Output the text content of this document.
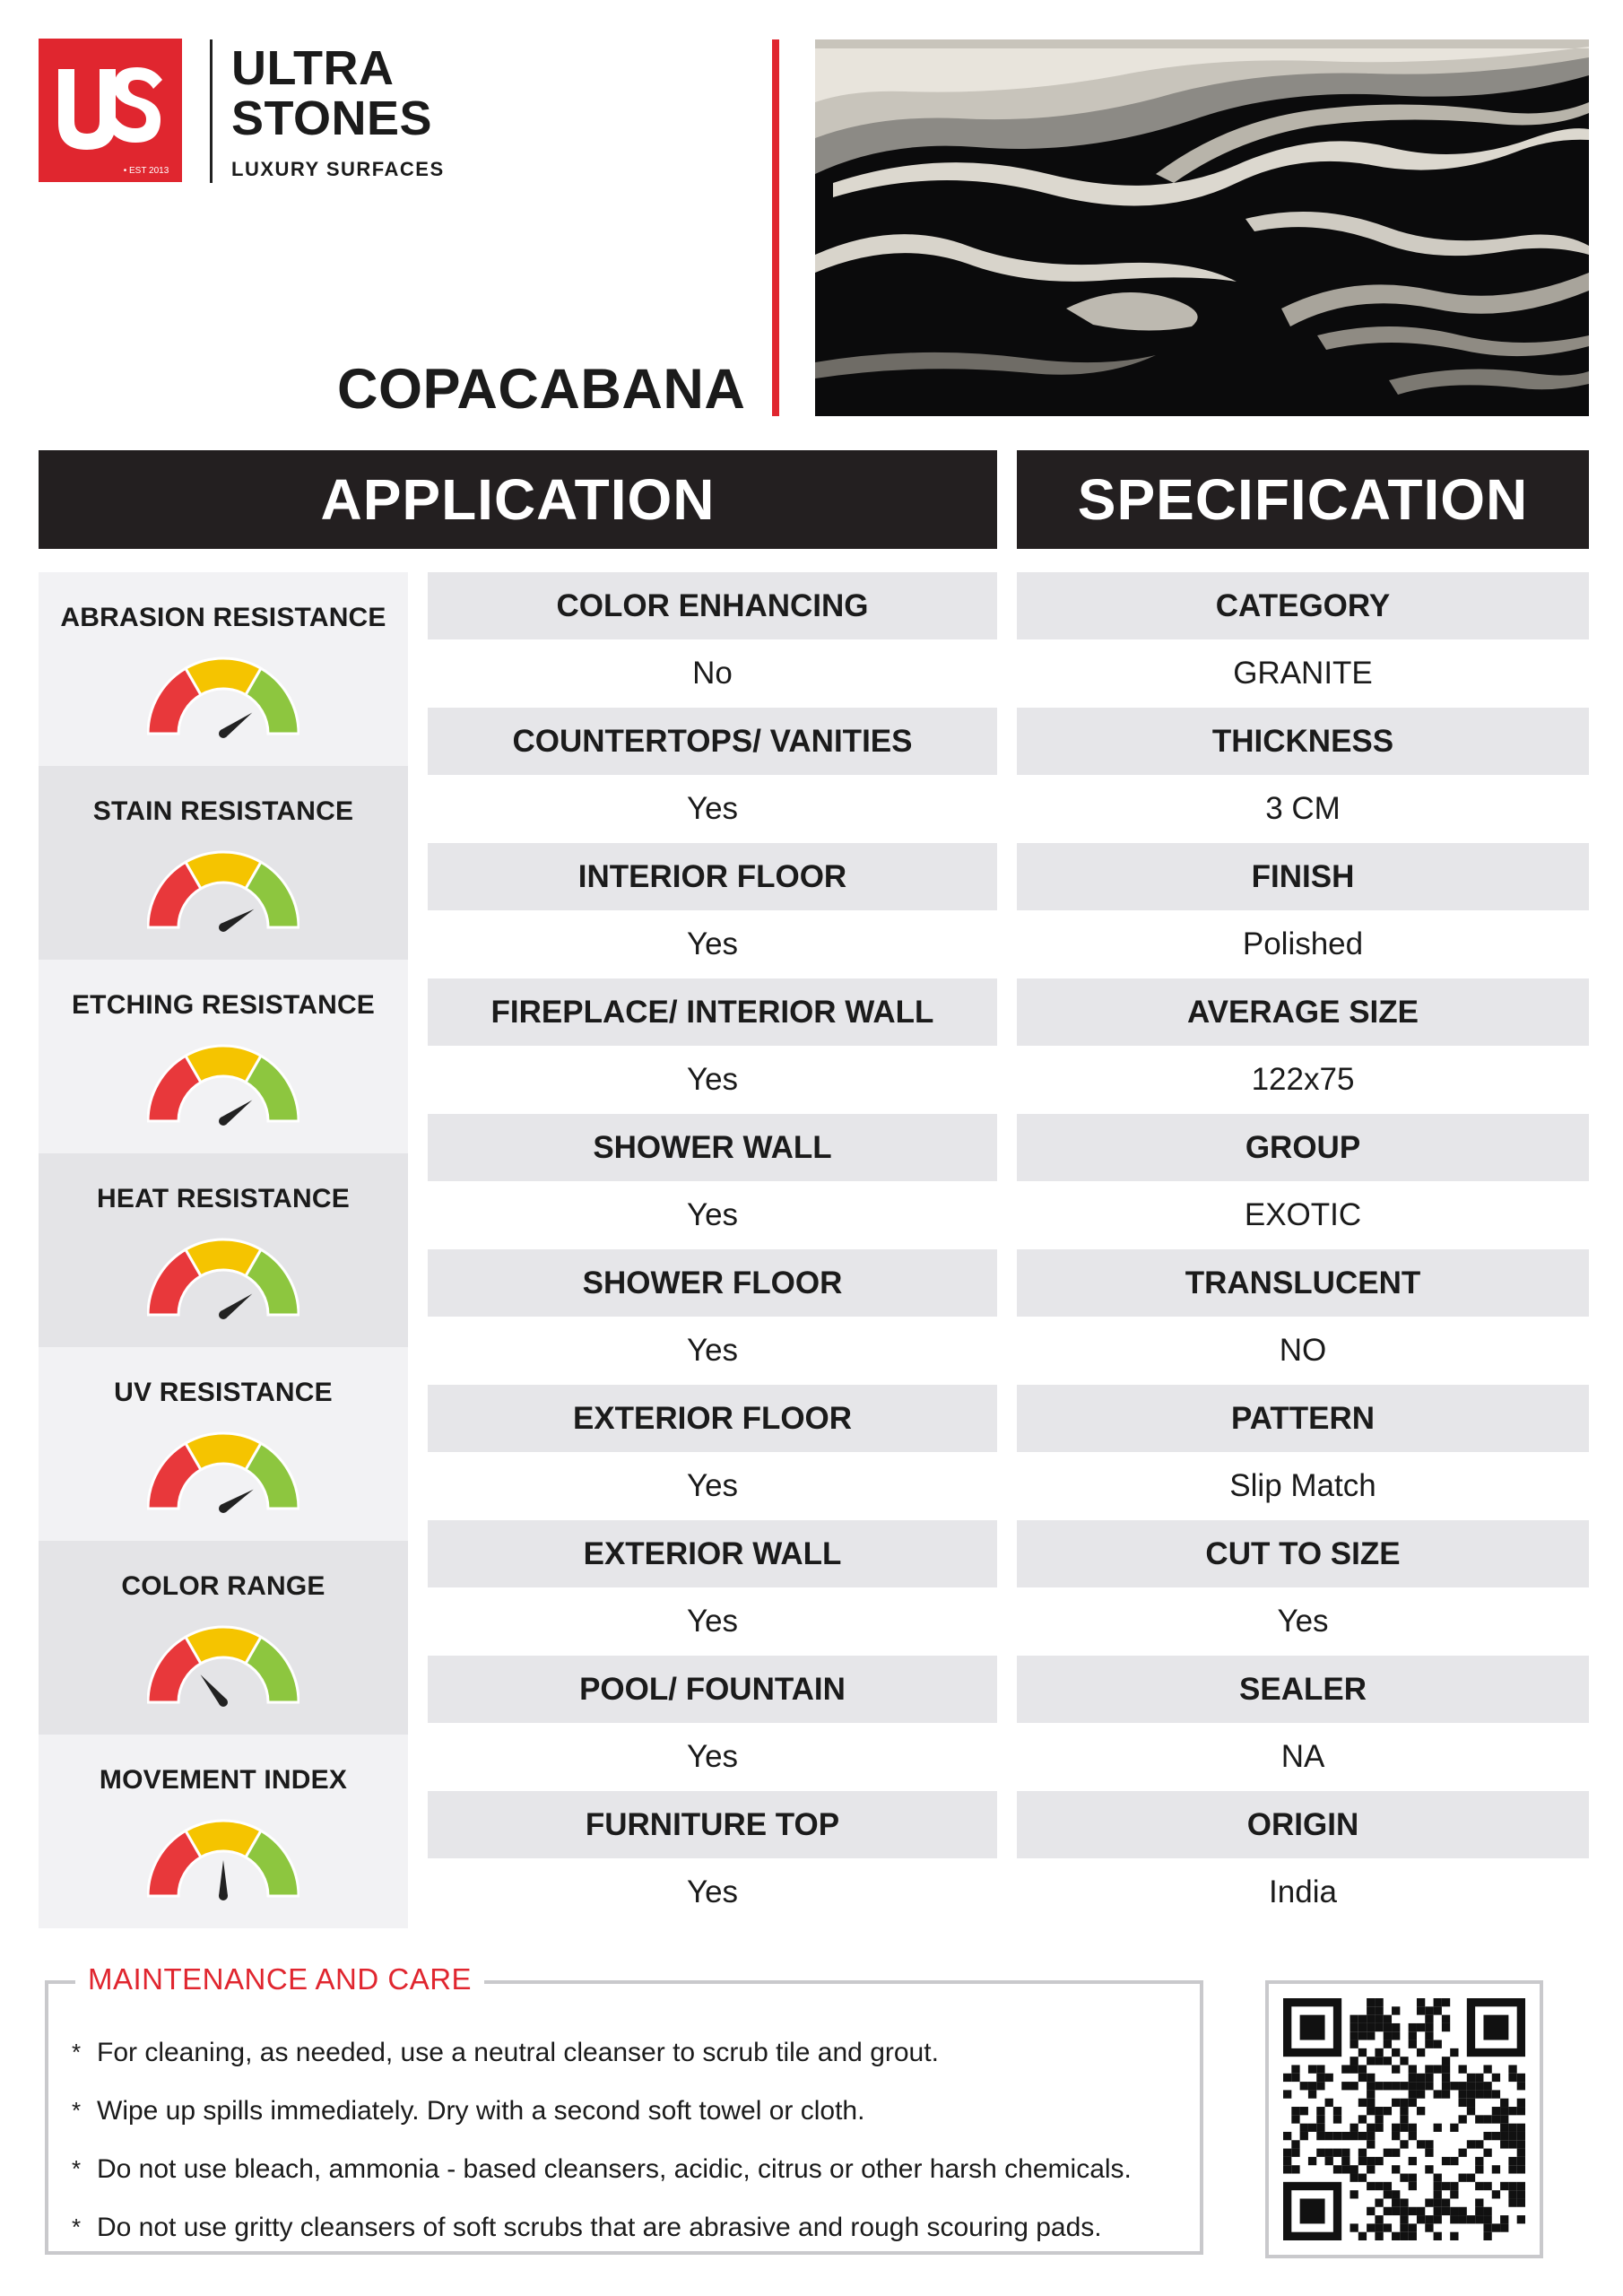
• EST 2013
ULTRA
STONES
LUXURY SURFACES
COPACABANA
APPLICATION	SPECIFICATION
ABRASION RESISTANCE
STAIN RESISTANCE
ETCHING RESISTANCE
HEAT RESISTANCE
UV RESISTANCE
COLOR RANGE
MOVEMENT INDEX
COLOR ENHANCING
No
COUNTERTOPS/ VANITIES
Yes
INTERIOR FLOOR
Yes
FIREPLACE/ INTERIOR WALL
Yes
SHOWER WALL
Yes
SHOWER FLOOR
Yes
EXTERIOR FLOOR
Yes
EXTERIOR WALL
Yes
POOL/ FOUNTAIN
Yes
FURNITURE TOP
Yes
CATEGORY
GRANITE
THICKNESS
3 CM
FINISH
Polished
AVERAGE SIZE
122x75
GROUP
EXOTIC
TRANSLUCENT
NO
PATTERN
Slip Match
CUT TO SIZE
Yes
SEALER
NA
ORIGIN
India
MAINTENANCE AND CARE
* For cleaning, as needed, use a neutral cleanser to scrub tile and grout.
* Wipe up spills immediately. Dry with a second soft towel or cloth.
* Do not use bleach, ammonia - based cleansers, acidic, citrus or other harsh chemicals.
* Do not use gritty cleansers of soft scrubs that are abrasive and rough scouring pads.
